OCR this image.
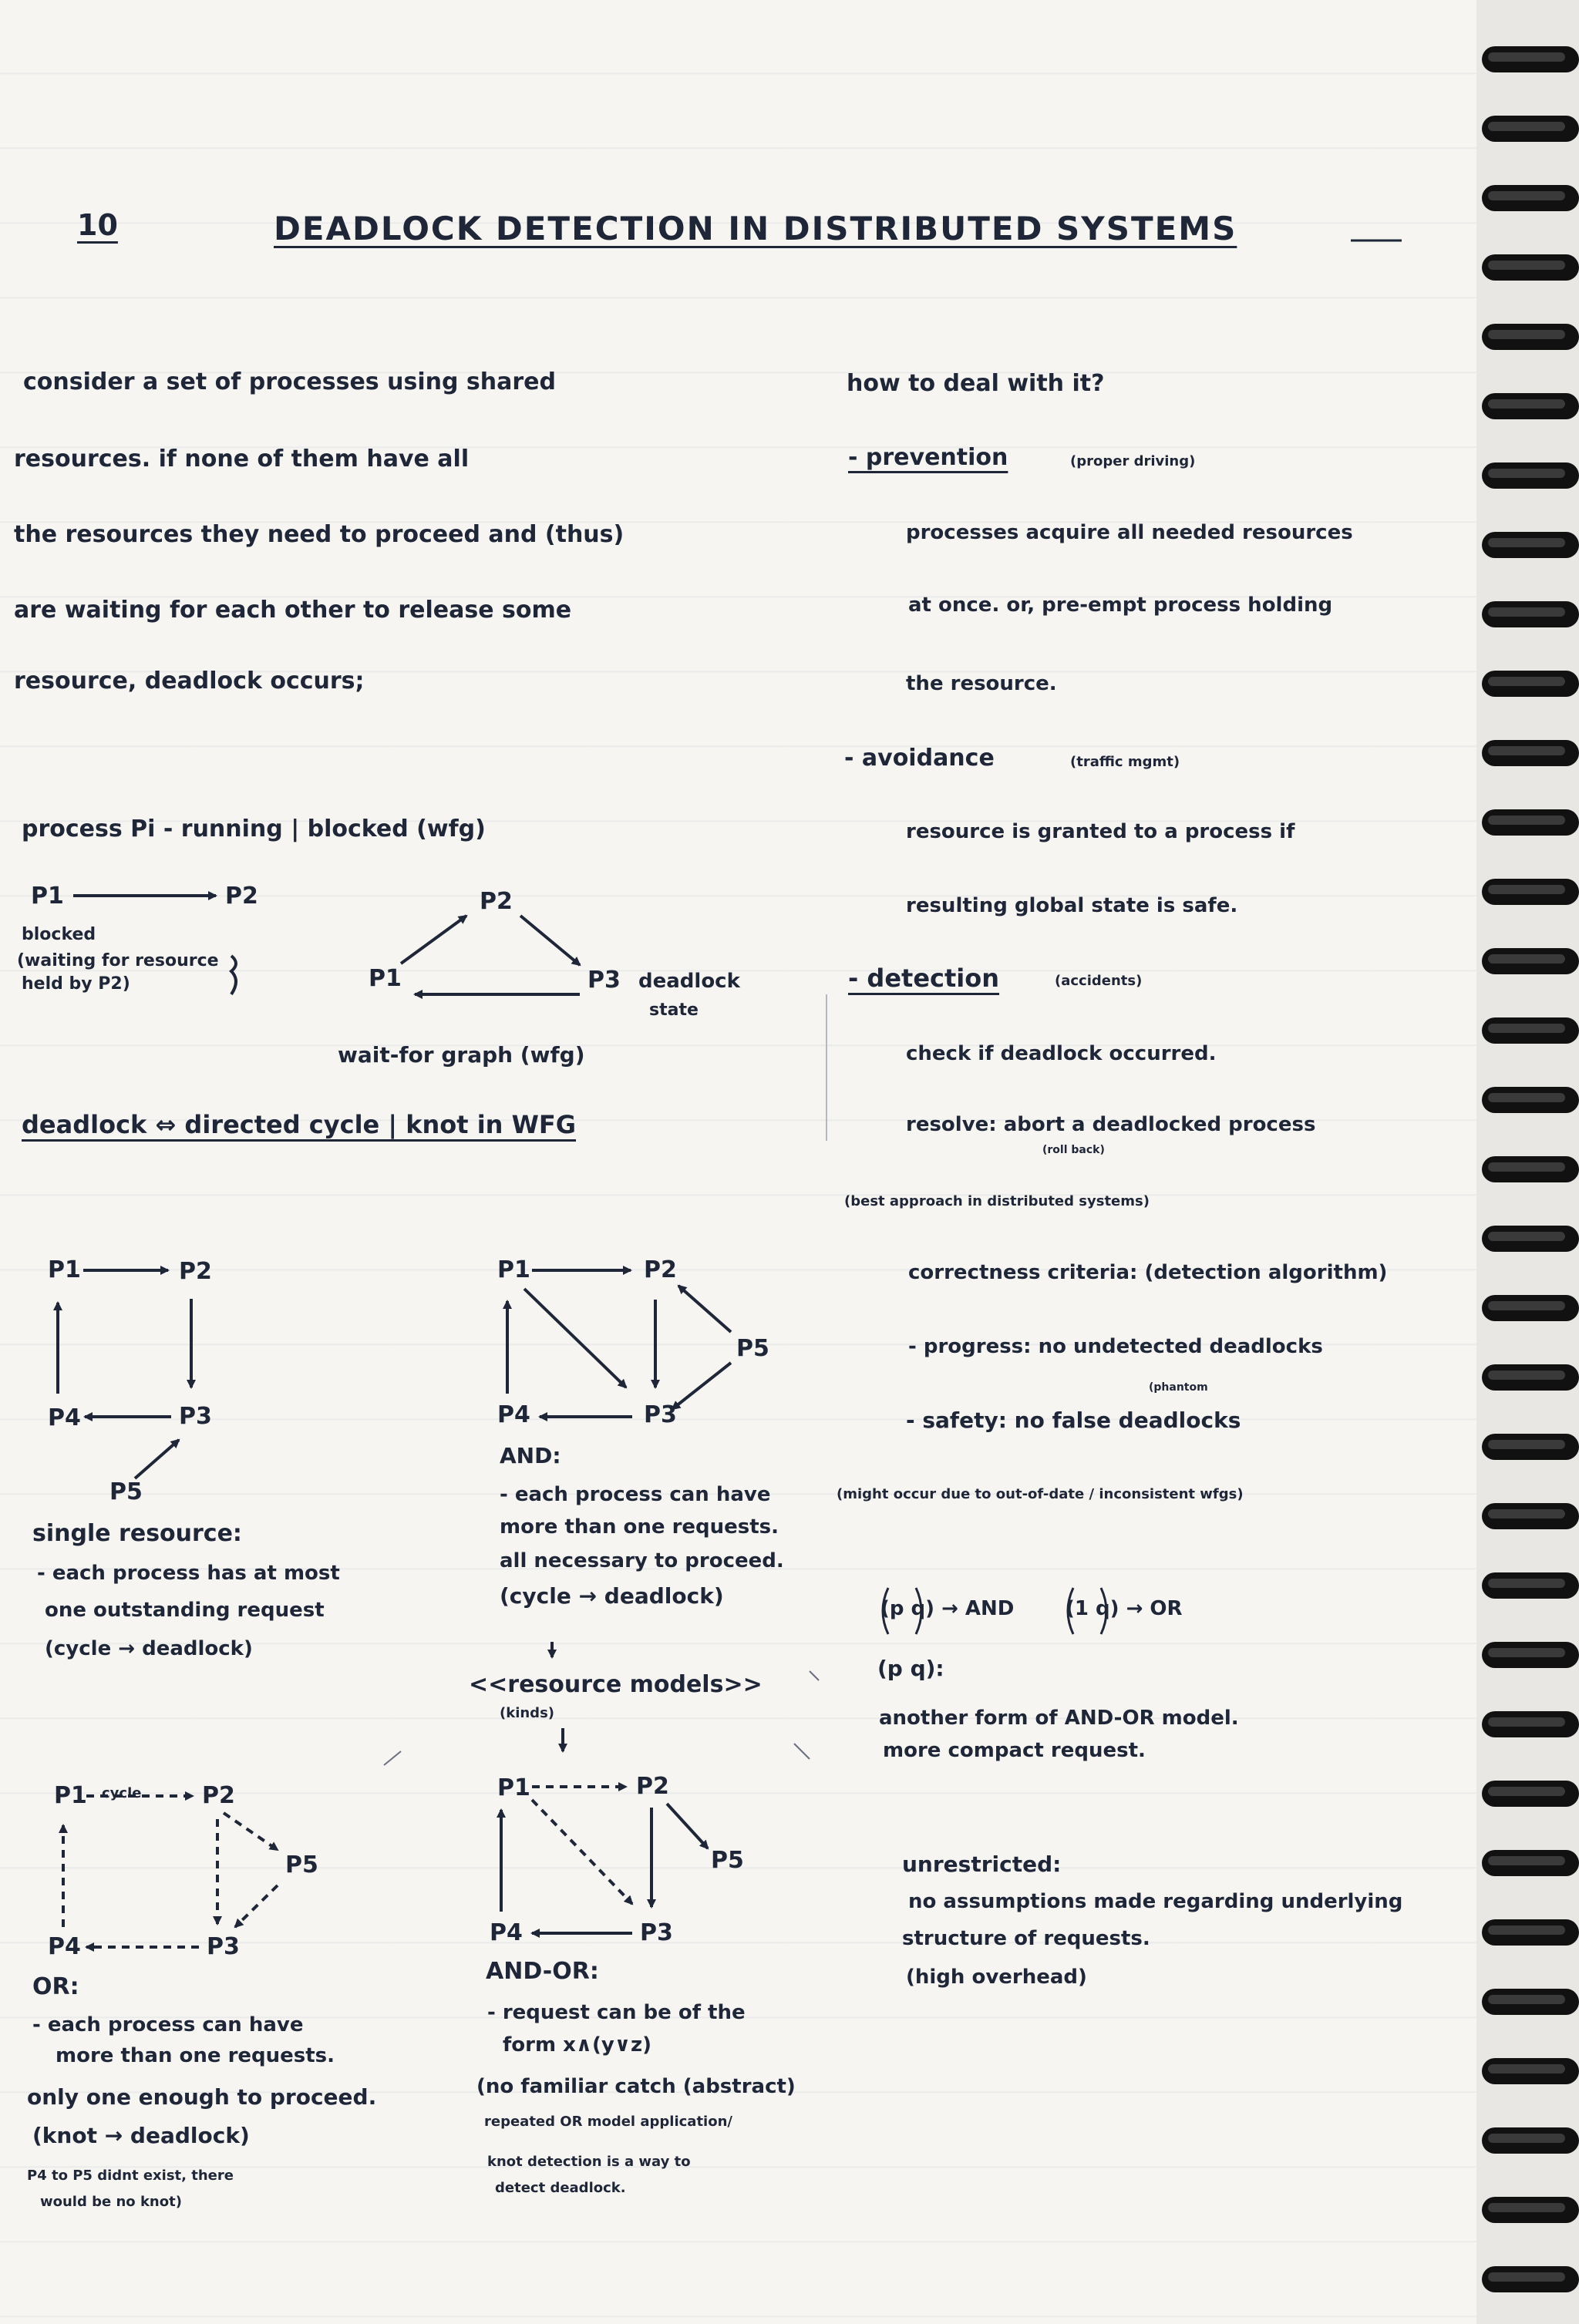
10	DEADLOCK DETECTION IN DISTRIBUTED SYSTEMS
consider a set of processes using shared
resources. if none of them have all
the resources they need to proceed and (thus)
are waiting for each other to release some
resource, deadlock occurs;
process Pi - running | blocked (wfg)
P1	P2
blocked
(waiting for resource
held by P2)
P2
P1	P3 deadlock
state
wait-for graph (wfg)
deadlock ⇔ directed cycle | knot in WFG
P1	P2
P3
P4
P5
single resource:
- each process has at most
one outstanding request
(cycle → deadlock)
P1	P2
P5
P3
P4
AND:
- each process can have
more than one requests.
all necessary to proceed.
(cycle → deadlock)
<<resource models>>
(kinds)
P1 cycle	P2
P5
P3
P4
OR:
- each process can have
more than one requests.
only one enough to proceed.
(knot → deadlock)
P4 to P5 didnt exist, there
would be no knot)
P1	P2
P5
P3
P4
AND-OR:
- request can be of the
form x∧(y∨z)
(no familiar catch (abstract)
repeated OR model application/
knot detection is a way to
detect deadlock.
how to deal with it?
- prevention	(proper driving)
processes acquire all needed resources
at once. or, pre-empt process holding
the resource.
- avoidance	(traffic mgmt)
resource is granted to a process if
resulting global state is safe.
- detection	(accidents)
check if deadlock occurred.
resolve: abort a deadlocked process
(roll back)
(best approach in distributed systems)
correctness criteria: (detection algorithm)
- progress: no undetected deadlocks
(phantom
- safety: no false deadlocks
(might occur due to out-of-date / inconsistent wfgs)
(p q) → AND	(1 q) → OR
(p q):
another form of AND-OR model.
more compact request.
unrestricted:
no assumptions made regarding underlying
structure of requests.
(high overhead)
